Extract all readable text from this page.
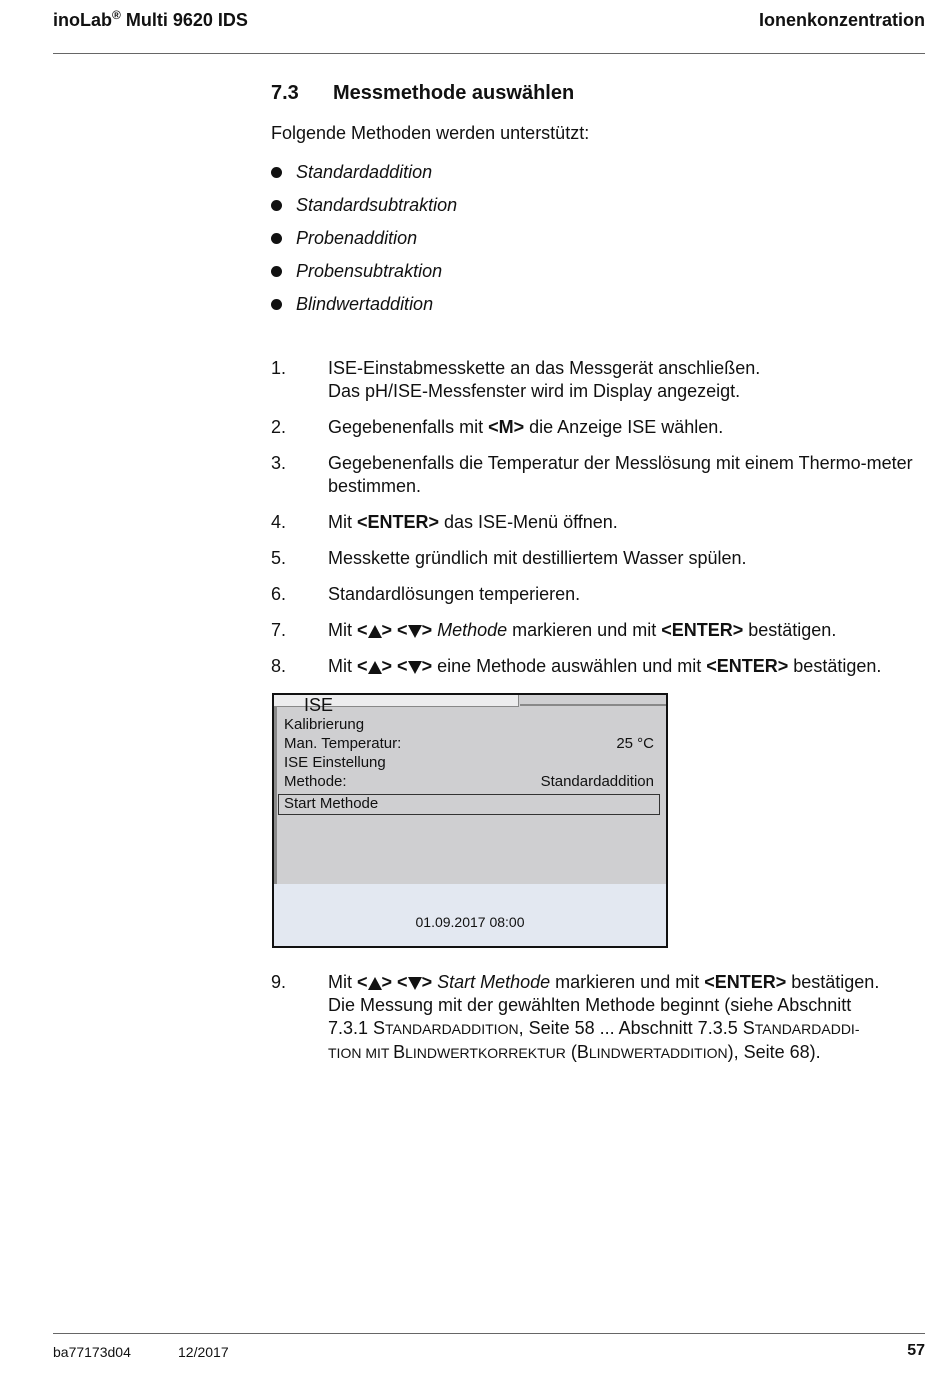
inoLab® Multi 9620 IDS	Ionenkonzentration
7.3 Messmethode auswählen
Folgende Methoden werden unterstützt:
Standardaddition
Standardsubtraktion
Probenaddition
Probensubtraktion
Blindwertaddition
1.	ISE-Einstabmesskette an das Messgerät anschließen.
Das pH/ISE-Messfenster wird im Display angezeigt.
2.	Gegebenenfalls mit <M> die Anzeige ISE wählen.
3.	Gegebenenfalls die Temperatur der Messlösung mit einem Thermo-meter bestimmen.
4.	Mit <ENTER> das ISE-Menü öffnen.
5.	Messkette gründlich mit destilliertem Wasser spülen.
6.	Standardlösungen temperieren.
7.	Mit < > < > Methode markieren und mit <ENTER> bestätigen.
8.	Mit < > < > eine Methode auswählen und mit <ENTER> bestätigen.
ISE
Kalibrierung
Man. Temperatur:	25 °C
ISE Einstellung
Methode:	Standardaddition
Start Methode
01.09.2017 08:00
9.	Mit < > < > Start Methode markieren und mit <ENTER> bestätigen.
Die Messung mit der gewählten Methode beginnt (siehe Abschnitt
7.3.1 STANDARDADDITION, Seite 58 ... Abschnitt 7.3.5 STANDARDADDI-
TION MIT BLINDWERTKORREKTUR (BLINDWERTADDITION), Seite 68).
ba77173d04	12/2017	57
